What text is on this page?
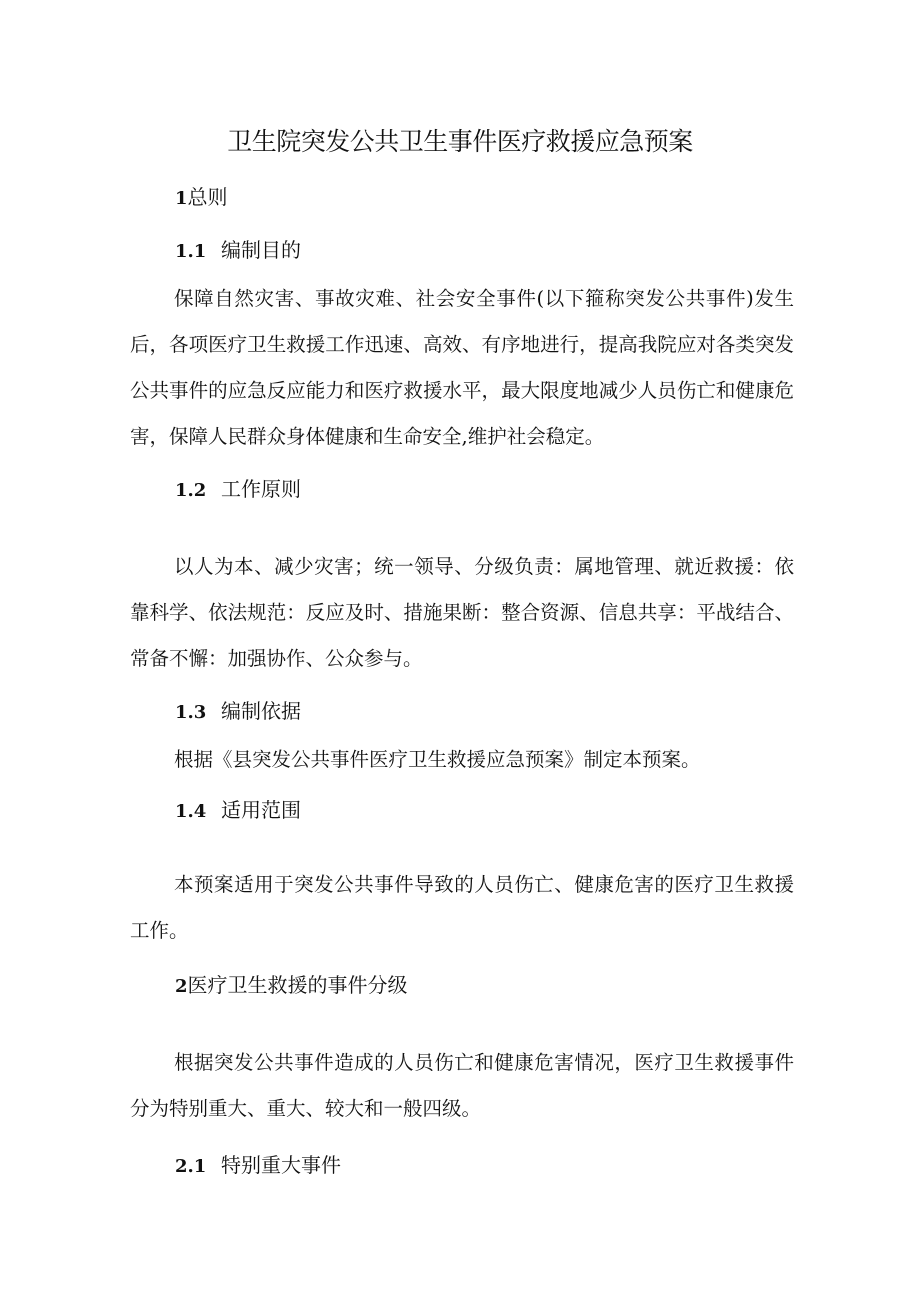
卫生院突发公共卫生事件医疗救援应急预案
1总则
1.1 编制目的

保障自然灾害、事故灾难、社会安全事件(以下箍称突发公共事件)发生后，各项医疗卫生救援工作迅速、高效、有序地进行，提高我院应对各类突发公共事件的应急反应能力和医疗救援水平，最大限度地减少人员伤亡和健康危害，保障人民群众身体健康和生命安全,维护社会稳定。

1.2 工作原则

以人为本、减少灾害；统一领导、分级负责：属地管理、就近救援：依靠科学、依法规范：反应及时、措施果断：整合资源、信息共享：平战结合、常备不懈：加强协作、公众参与。

1.3 编制依据

根据《县突发公共事件医疗卫生救援应急预案》制定本预案。

1.4 适用范围

本预案适用于突发公共事件导致的人员伤亡、健康危害的医疗卫生救援工作。

2医疗卫生救援的事件分级

根据突发公共事件造成的人员伤亡和健康危害情况，医疗卫生救援事件分为特别重大、重大、较大和一般四级。

2.1 特别重大事件
